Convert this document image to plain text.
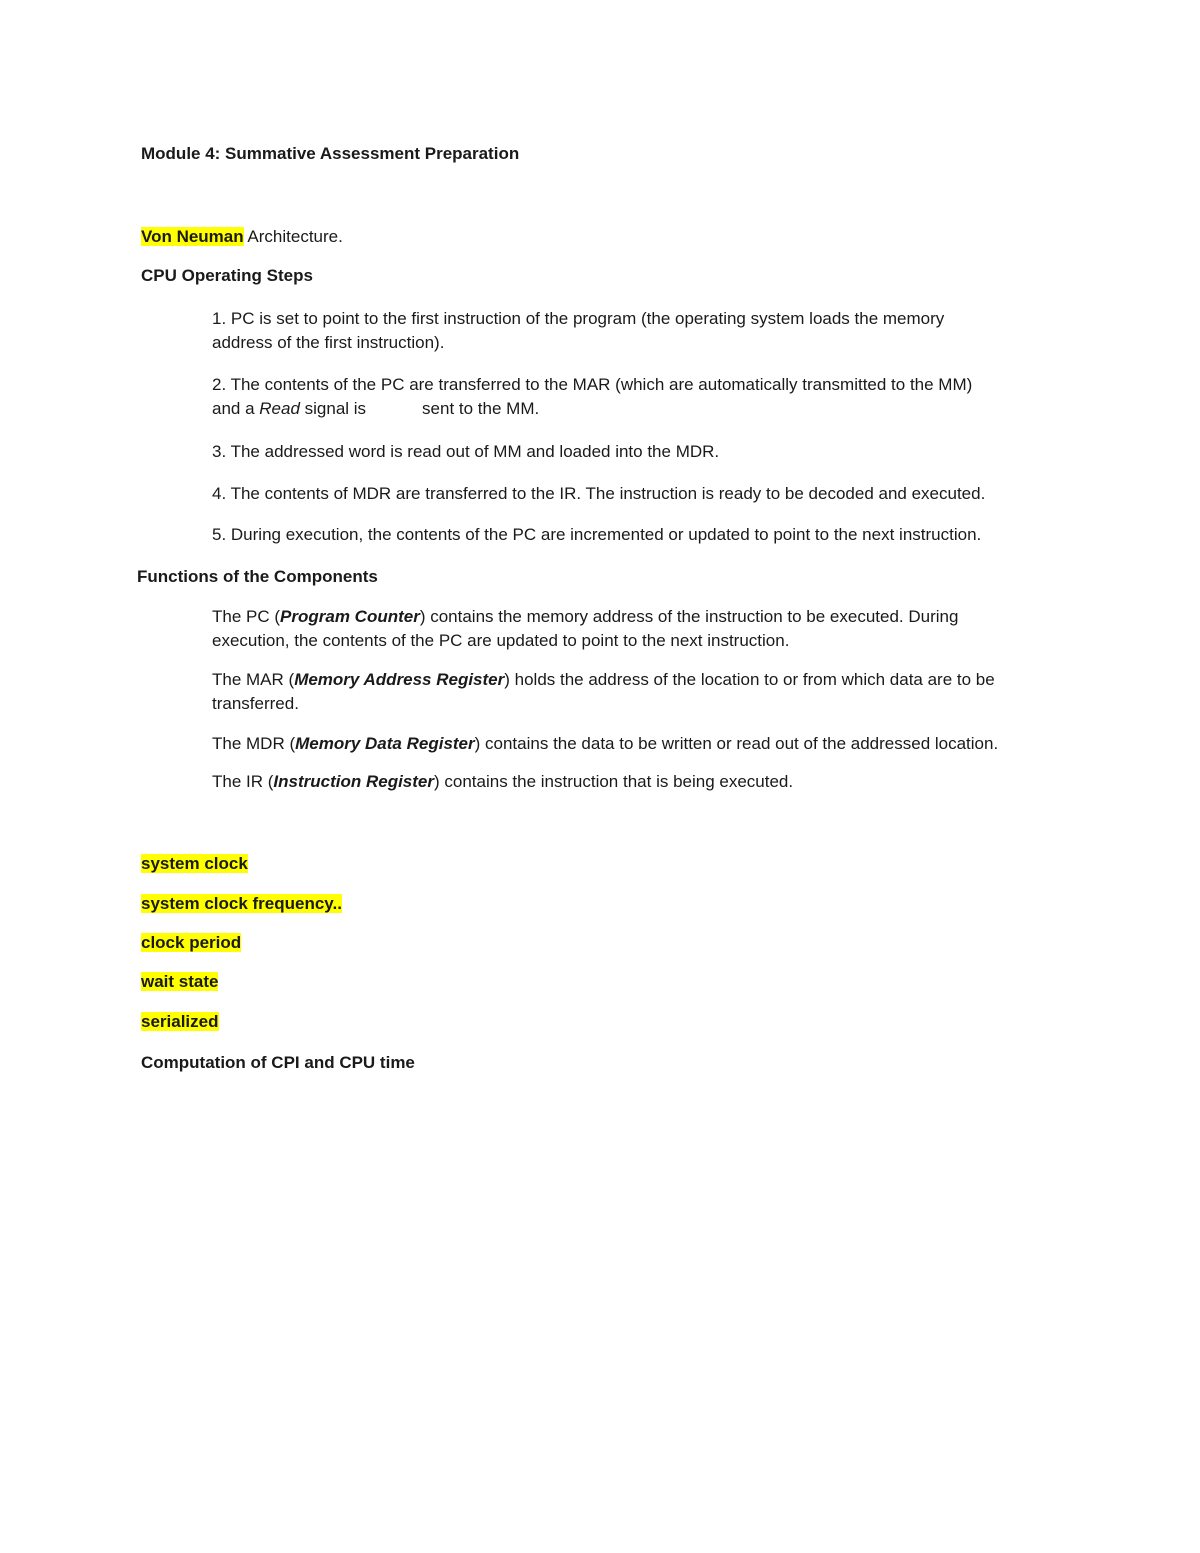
Module 4: Summative Assessment Preparation
Von Neuman Architecture.
CPU Operating Steps
1. PC is set to point to the first instruction of the program (the operating system loads the memory
address of the first instruction).
2. The contents of the PC are transferred to the MAR (which are automatically transmitted to the MM)
and a Read signal is	sent to the MM.
3. The addressed word is read out of MM and loaded into the MDR.
4. The contents of MDR are transferred to the IR. The instruction is ready to be decoded and executed.
5. During execution, the contents of the PC are incremented or updated to point to the next instruction.
Functions of the Components
The PC (Program Counter) contains the memory address of the instruction to be executed. During
execution, the contents of the PC are updated to point to the next instruction.
The MAR (Memory Address Register) holds the address of the location to or from which data are to be
transferred.
The MDR (Memory Data Register) contains the data to be written or read out of the addressed location.
The IR (Instruction Register) contains the instruction that is being executed.
system clock
system clock frequency..
clock period
wait state
serialized
Computation of CPI and CPU time
